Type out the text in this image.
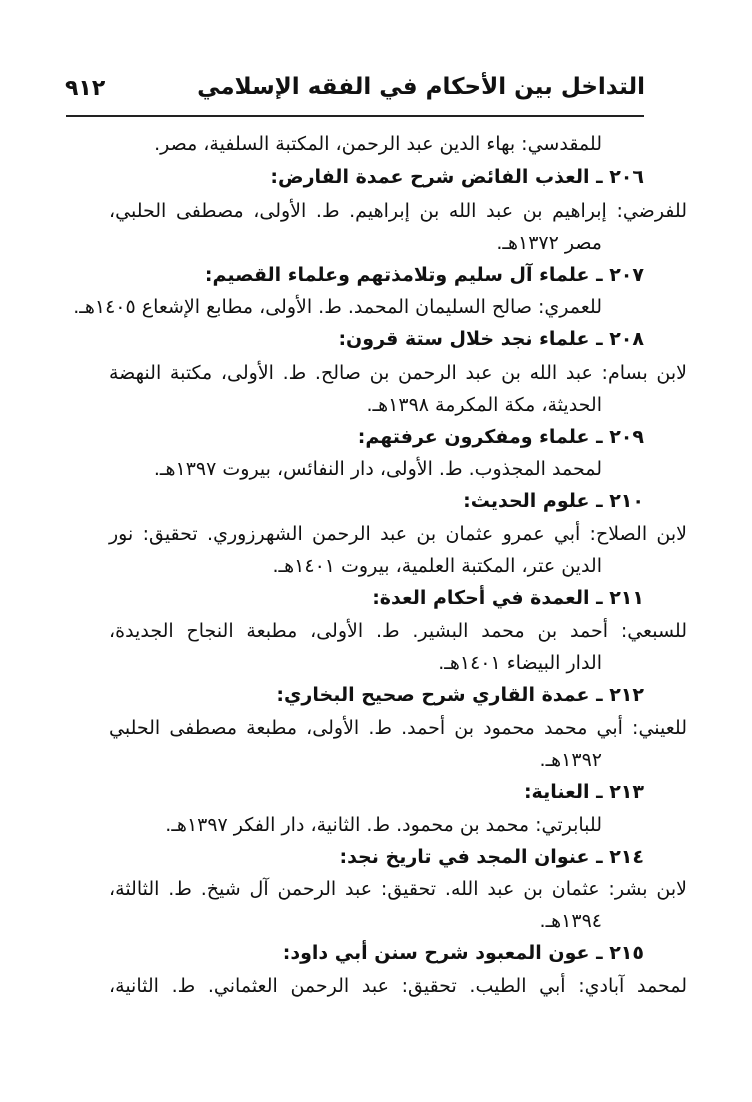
التداخل بين الأحكام في الفقه الإسلامي
٩١٢
للمقدسي: بهاء الدين عبد الرحمن، المكتبة السلفية، مصر.
٢٠٦ ـ العذب الفائض شرح عمدة الفارض:
للفرضي: إبراهيم بن عبد الله بن إبراهيم. ط. الأولى، مصطفى الحلبي،
مصر ١٣٧٢هـ.
٢٠٧ ـ علماء آل سليم وتلامذتهم وعلماء القصيم:
للعمري: صالح السليمان المحمد. ط. الأولى، مطابع الإشعاع ١٤٠٥هـ.
٢٠٨ ـ علماء نجد خلال ستة قرون:
لابن بسام: عبد الله بن عبد الرحمن بن صالح. ط. الأولى، مكتبة النهضة
الحديثة، مكة المكرمة ١٣٩٨هـ.
٢٠٩ ـ علماء ومفكرون عرفتهم:
لمحمد المجذوب. ط. الأولى، دار النفائس، بيروت ١٣٩٧هـ.
٢١٠ ـ علوم الحديث:
لابن الصلاح: أبي عمرو عثمان بن عبد الرحمن الشهرزوري. تحقيق: نور
الدين عتر، المكتبة العلمية، بيروت ١٤٠١هـ.
٢١١ ـ العمدة في أحكام العدة:
للسبعي: أحمد بن محمد البشير. ط. الأولى، مطبعة النجاح الجديدة،
الدار البيضاء ١٤٠١هـ.
٢١٢ ـ عمدة القاري شرح صحيح البخاري:
للعيني: أبي محمد محمود بن أحمد. ط. الأولى، مطبعة مصطفى الحلبي
١٣٩٢هـ.
٢١٣ ـ العناية:
للبابرتي: محمد بن محمود. ط. الثانية، دار الفكر ١٣٩٧هـ.
٢١٤ ـ عنوان المجد في تاريخ نجد:
لابن بشر: عثمان بن عبد الله. تحقيق: عبد الرحمن آل شيخ. ط. الثالثة،
١٣٩٤هـ.
٢١٥ ـ عون المعبود شرح سنن أبي داود:
لمحمد آبادي: أبي الطيب. تحقيق: عبد الرحمن العثماني. ط. الثانية،
